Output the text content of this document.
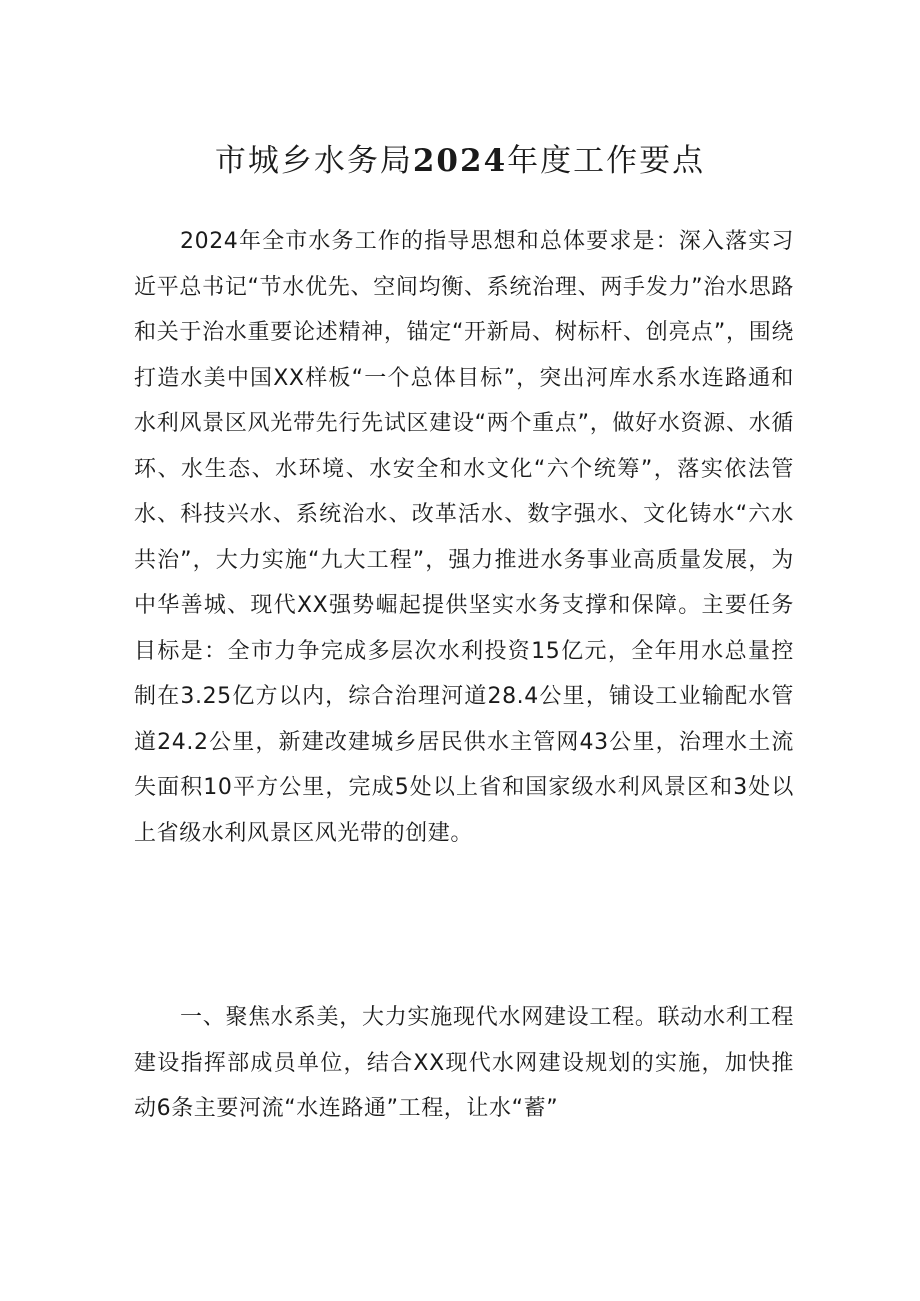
市城乡水务局2024年度工作要点

2024年全市水务工作的指导思想和总体要求是：深入落实习近平总书记“节水优先、空间均衡、系统治理、两手发力”治水思路和关于治水重要论述精神，锚定“开新局、树标杆、创亮点”，围绕打造水美中国XX样板“一个总体目标”，突出河库水系水连路通和水利风景区风光带先行先试区建设“两个重点”，做好水资源、水循环、水生态、水环境、水安全和水文化“六个统筹”，落实依法管水、科技兴水、系统治水、改革活水、数字强水、文化铸水“六水共治”，大力实施“九大工程”，强力推进水务事业高质量发展，为中华善城、现代XX强势崛起提供坚实水务支撑和保障。主要任务目标是：全市力争完成多层次水利投资15亿元，全年用水总量控制在3.25亿方以内，综合治理河道28.4公里，铺设工业输配水管道24.2公里，新建改建城乡居民供水主管网43公里，治理水土流失面积10平方公里，完成5处以上省和国家级水利风景区和3处以上省级水利风景区风光带的创建。

一、聚焦水系美，大力实施现代水网建设工程。联动水利工程建设指挥部成员单位，结合XX现代水网建设规划的实施，加快推动6条主要河流“水连路通”工程，让水“蓄”
